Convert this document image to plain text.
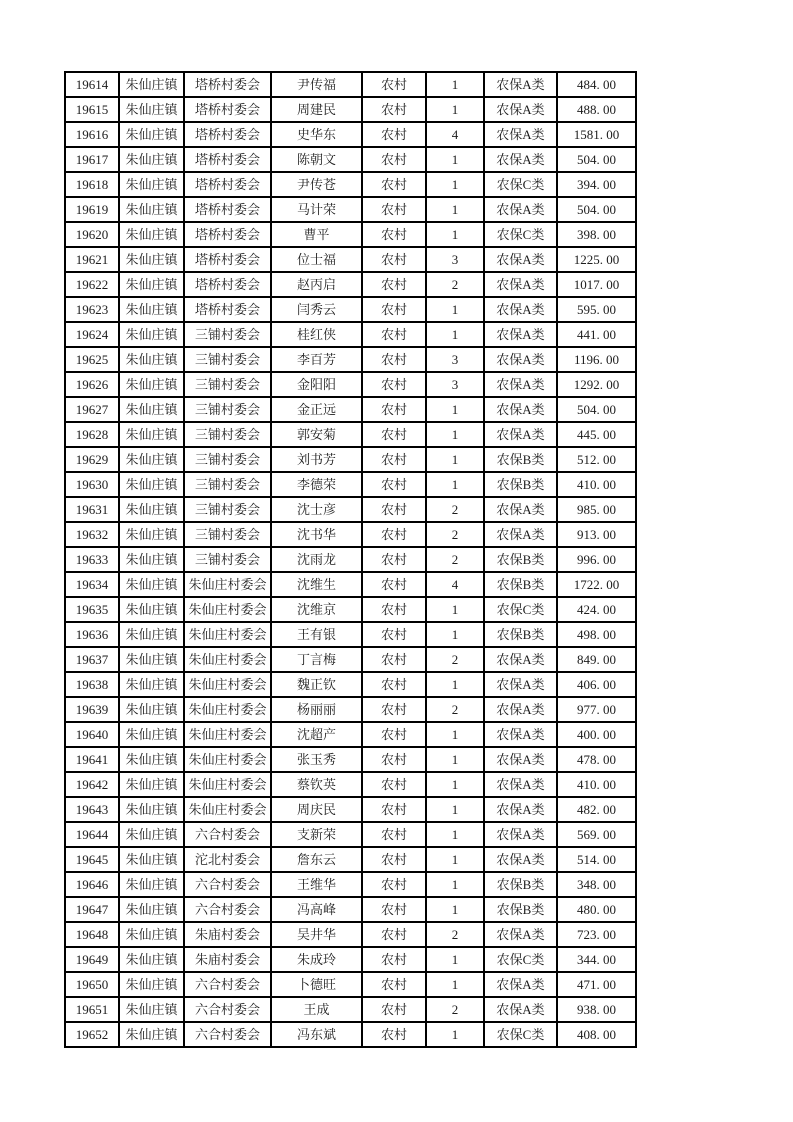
19614	朱仙庄镇	塔桥村委会	尹传福	农村	1	农保A类	484. 00
19615	朱仙庄镇	塔桥村委会	周建民	农村	1	农保A类	488. 00
19616	朱仙庄镇	塔桥村委会	史华东	农村	4	农保A类	1581. 00
19617	朱仙庄镇	塔桥村委会	陈朝文	农村	1	农保A类	504. 00
19618	朱仙庄镇	塔桥村委会	尹传苍	农村	1	农保C类	394. 00
19619	朱仙庄镇	塔桥村委会	马计荣	农村	1	农保A类	504. 00
19620	朱仙庄镇	塔桥村委会	曹平	农村	1	农保C类	398. 00
19621	朱仙庄镇	塔桥村委会	位士福	农村	3	农保A类	1225. 00
19622	朱仙庄镇	塔桥村委会	赵丙启	农村	2	农保A类	1017. 00
19623	朱仙庄镇	塔桥村委会	闫秀云	农村	1	农保A类	595. 00
19624	朱仙庄镇	三铺村委会	桂红侠	农村	1	农保A类	441. 00
19625	朱仙庄镇	三铺村委会	李百芳	农村	3	农保A类	1196. 00
19626	朱仙庄镇	三铺村委会	金阳阳	农村	3	农保A类	1292. 00
19627	朱仙庄镇	三铺村委会	金正远	农村	1	农保A类	504. 00
19628	朱仙庄镇	三铺村委会	郭安菊	农村	1	农保A类	445. 00
19629	朱仙庄镇	三铺村委会	刘书芳	农村	1	农保B类	512. 00
19630	朱仙庄镇	三铺村委会	李德荣	农村	1	农保B类	410. 00
19631	朱仙庄镇	三铺村委会	沈士彦	农村	2	农保A类	985. 00
19632	朱仙庄镇	三铺村委会	沈书华	农村	2	农保A类	913. 00
19633	朱仙庄镇	三铺村委会	沈雨龙	农村	2	农保B类	996. 00
19634	朱仙庄镇	朱仙庄村委会	沈维生	农村	4	农保B类	1722. 00
19635	朱仙庄镇	朱仙庄村委会	沈维京	农村	1	农保C类	424. 00
19636	朱仙庄镇	朱仙庄村委会	王有银	农村	1	农保B类	498. 00
19637	朱仙庄镇	朱仙庄村委会	丁言梅	农村	2	农保A类	849. 00
19638	朱仙庄镇	朱仙庄村委会	魏正钦	农村	1	农保A类	406. 00
19639	朱仙庄镇	朱仙庄村委会	杨丽丽	农村	2	农保A类	977. 00
19640	朱仙庄镇	朱仙庄村委会	沈超产	农村	1	农保A类	400. 00
19641	朱仙庄镇	朱仙庄村委会	张玉秀	农村	1	农保A类	478. 00
19642	朱仙庄镇	朱仙庄村委会	蔡钦英	农村	1	农保A类	410. 00
19643	朱仙庄镇	朱仙庄村委会	周庆民	农村	1	农保A类	482. 00
19644	朱仙庄镇	六合村委会	支新荣	农村	1	农保A类	569. 00
19645	朱仙庄镇	沱北村委会	詹东云	农村	1	农保A类	514. 00
19646	朱仙庄镇	六合村委会	王维华	农村	1	农保B类	348. 00
19647	朱仙庄镇	六合村委会	冯高峰	农村	1	农保B类	480. 00
19648	朱仙庄镇	朱庙村委会	吴井华	农村	2	农保A类	723. 00
19649	朱仙庄镇	朱庙村委会	朱成玲	农村	1	农保C类	344. 00
19650	朱仙庄镇	六合村委会	卜德旺	农村	1	农保A类	471. 00
19651	朱仙庄镇	六合村委会	王成	农村	2	农保A类	938. 00
19652	朱仙庄镇	六合村委会	冯东斌	农村	1	农保C类	408. 00
